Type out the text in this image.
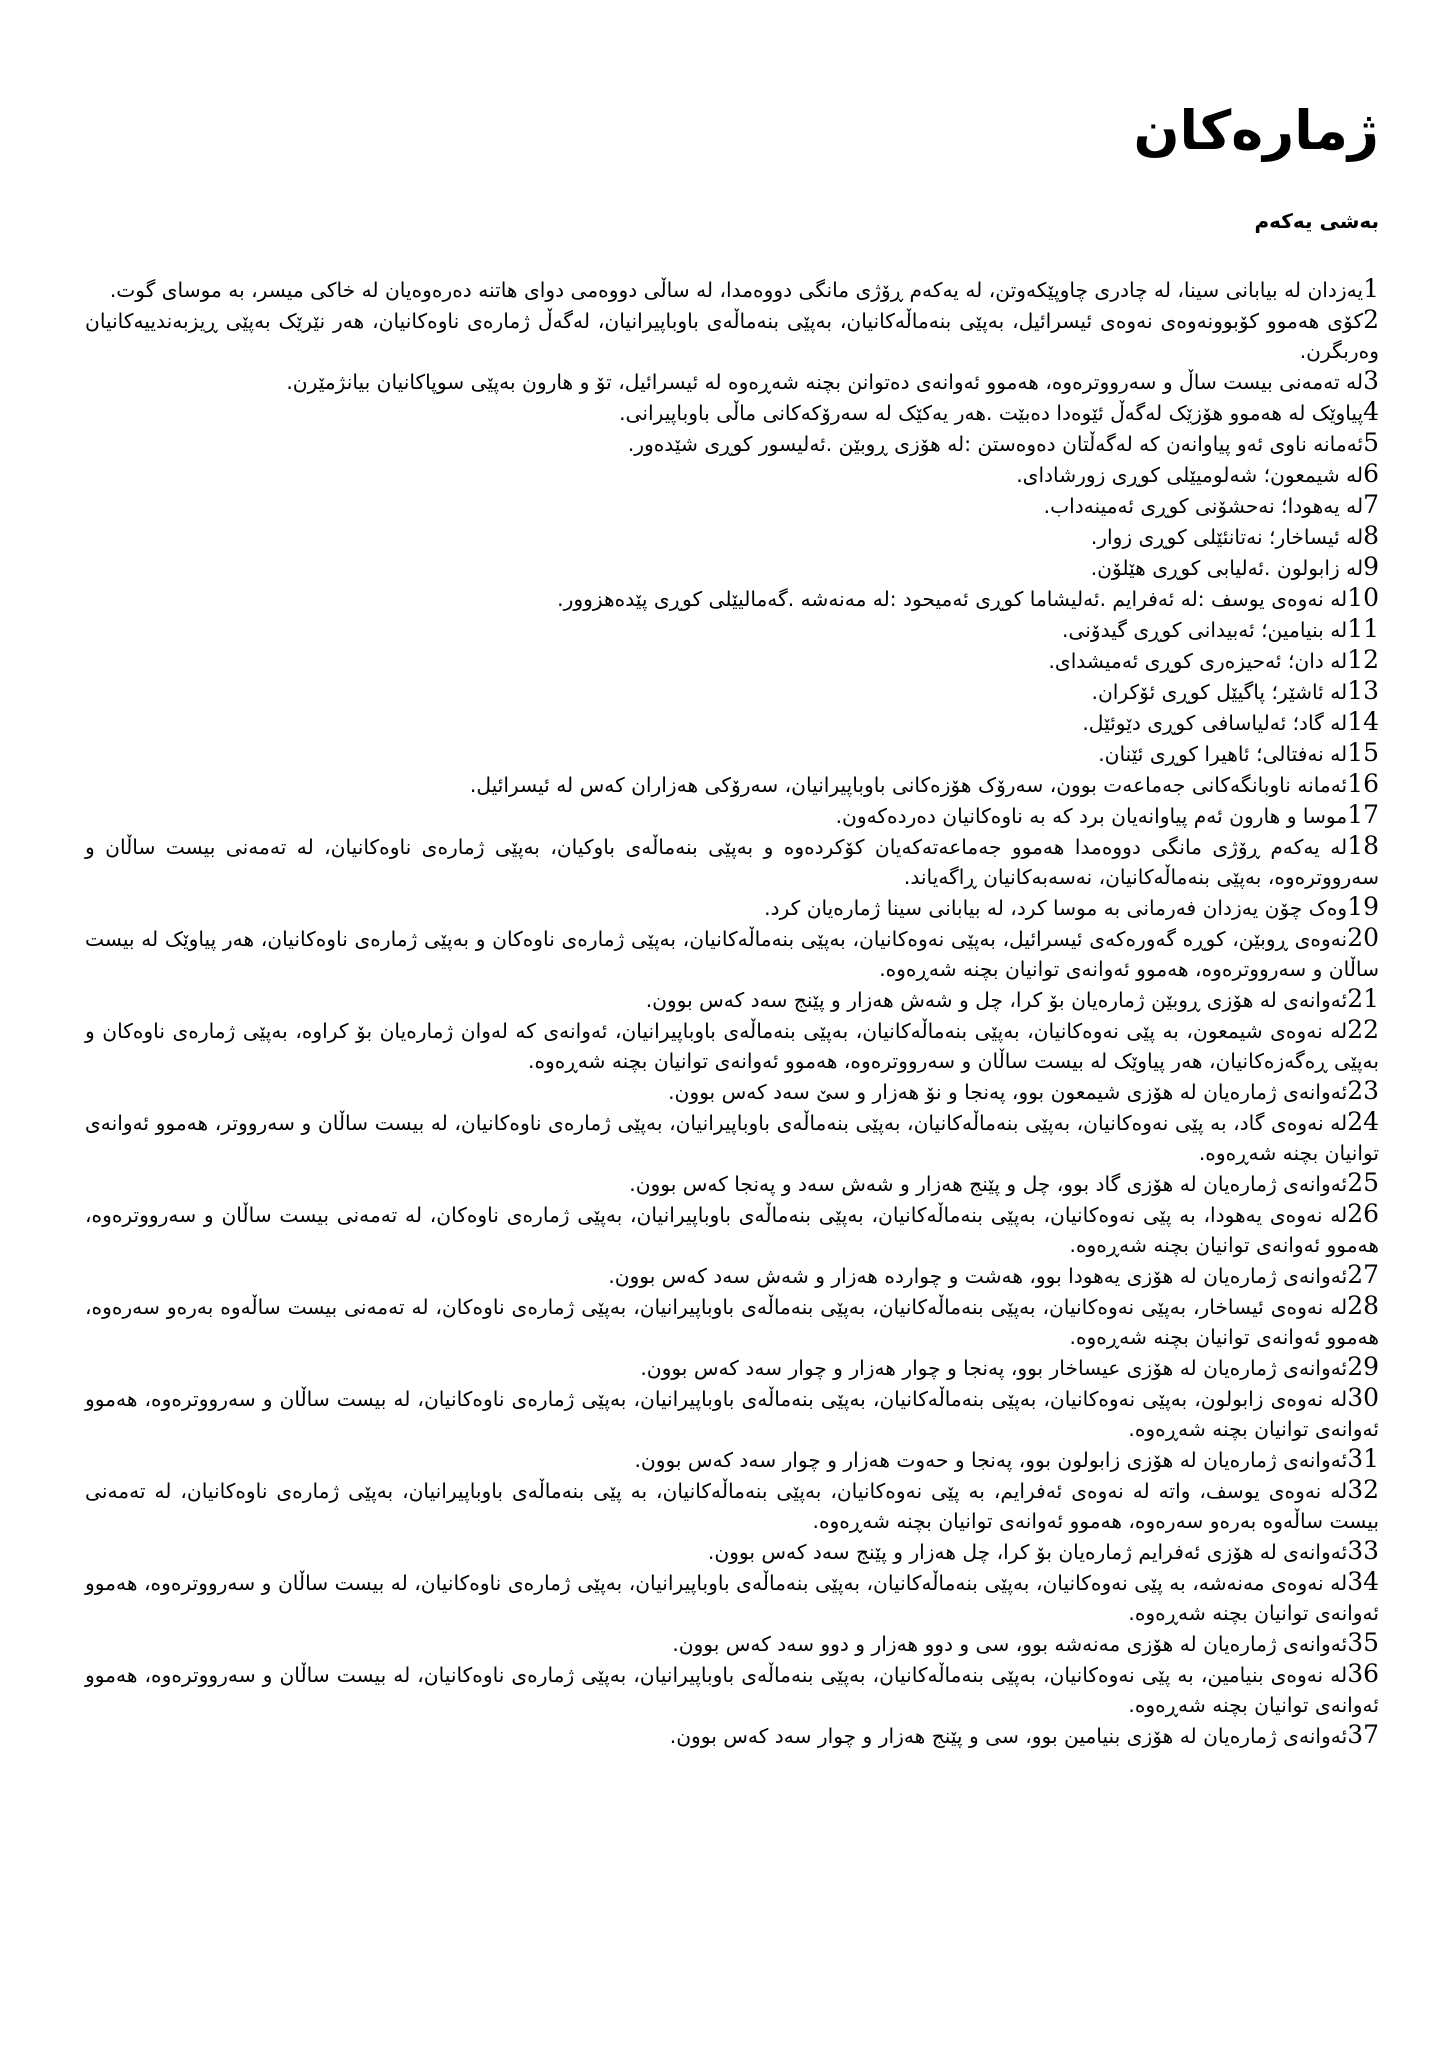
ژمارەکان
بەشی یەکەم

1یەزدان لە بیابانی سینا، لە چادری چاوپێکەوتن، لە یەکەم ڕۆژی مانگی دووەمدا، لە ساڵی دووەمی دوای هاتنە دەرەوەیان لە خاکی میسر، بە موسای گوت.

2کۆی هەموو کۆبوونەوەی نەوەی ئیسرائیل، بەپێی بنەماڵەکانیان، بەپێی بنەماڵەی باوباپیرانیان، لەگەڵ ژمارەی ناوەکانیان، هەر نێرێک بەپێی ڕیزبەندییەکانیان وەربگرن.

3لە تەمەنی بیست ساڵ و سەرووترەوە، هەموو ئەوانەی دەتوانن بچنە شەڕەوە لە ئیسرائیل، تۆ و هارون بەپێی سوپاکانیان بیانژمێرن.

4پیاوێک لە هەموو هۆزێک لەگەڵ ئێوەدا دەبێت .هەر یەکێک لە سەرۆکەکانی ماڵی باوباپیرانی.

5ئەمانە ناوی ئەو پیاوانەن کە لەگەڵتان دەوەستن :لە هۆزی ڕوبێن .ئەلیسور کوڕی شێدەور.

6لە شیمعون؛ شەلومیێلی کوڕی زورشادای.

7لە یەهودا؛ نەحشۆنی کوڕی ئەمینەداب.

8لە ئیساخار؛ نەتانئێلی کوڕی زوار.

9لە زابولون .ئەلیابی کوڕی هێلۆن.

10لە نەوەی یوسف :لە ئەفرایم .ئەلیشاما کوڕی ئەمیحود :لە مەنەشە .گەمالیێلی کوڕی پێدەهزوور.

11لە بنیامین؛ ئەبیدانی کوڕی گیدۆنی.

12لە دان؛ ئەحیزەری کوڕی ئەمیشدای.

13لە ئاشێر؛ پاگیێل کوڕی ئۆکران.

14لە گاد؛ ئەلیاسافی کوڕی دێوئێل.

15لە نەفتالی؛ ئاهیرا کوڕی ئێنان.

16ئەمانە ناوبانگەکانی جەماعەت بوون، سەرۆک هۆزەکانی باوباپیرانیان، سەرۆکی هەزاران کەس لە ئیسرائیل.

17موسا و هارون ئەم پیاوانەیان برد کە بە ناوەکانیان دەرده‌کەون.

18لە یەکەم ڕۆژی مانگی دووەمدا هەموو جەماعەتەکەیان کۆکردەوە و بەپێی بنەماڵەی باوکیان، بەپێی ژمارەی ناوەکانیان، لە تەمەنی بیست ساڵان و سەرووترەوە، بەپێی بنەماڵەکانیان، نەسەبەکانیان ڕاگەیاند.

19وەک چۆن یەزدان فەرمانی بە موسا کرد، لە بیابانی سینا ژمارەیان کرد.

20نەوەی ڕوبێن، کوڕە گەورەکەی ئیسرائیل، بەپێی نەوەکانیان، بەپێی بنەماڵەکانیان، بەپێی ژمارەی ناوەکان و بەپێی ژمارەی ناوەکانیان، هەر پیاوێک لە بیست ساڵان و سەرووترەوە، هەموو ئەوانەی توانیان بچنە شەڕەوە.

21ئەوانەی لە هۆزی ڕوبێن ژمارەیان بۆ کرا، چل و شەش هەزار و پێنج سەد کەس بوون.

22لە نەوەی شیمعون، بە پێی نەوەکانیان، بەپێی بنەماڵەکانیان، بەپێی بنەماڵەی باوباپیرانیان، ئەوانەی کە لەوان ژمارەیان بۆ کراوە، بەپێی ژمارەی ناوەکان و بەپێی ڕەگەزەکانیان، هەر پیاوێک لە بیست ساڵان و سەرووترەوە، هەموو ئەوانەی توانیان بچنە شەڕەوە.

23ئەوانەی ژمارەیان لە هۆزی شیمعون بوو، پەنجا و نۆ هەزار و سێ سەد کەس بوون.

24لە نەوەی گاد، بە پێی نەوەکانیان، بەپێی بنەماڵەکانیان، بەپێی بنەماڵەی باوباپیرانیان، بەپێی ژمارەی ناوەکانیان، لە بیست ساڵان و سەرووتر، هەموو ئەوانەی توانیان بچنە شەڕەوە.

25ئەوانەی ژمارەیان لە هۆزی گاد بوو، چل و پێنج هەزار و شەش سەد و پەنجا کەس بوون.

26لە نەوەی یەهودا، بە پێی نەوەکانیان، بەپێی بنەماڵەکانیان، بەپێی بنەماڵەی باوباپیرانیان، بەپێی ژمارەی ناوەکان، لە تەمەنی بیست ساڵان و سەرووترەوە، هەموو ئەوانەی توانیان بچنە شەڕەوە.

27ئەوانەی ژمارەیان لە هۆزی یەهودا بوو، هەشت و چوارده هەزار و شەش سەد کەس بوون.

28لە نەوەی ئیساخار، بەپێی نەوەکانیان، بەپێی بنەماڵەکانیان، بەپێی بنەماڵەی باوباپیرانیان، بەپێی ژمارەی ناوەکان، لە تەمەنی بیست ساڵەوە بەرەو سەرەوە، هەموو ئەوانەی توانیان بچنە شەڕەوە.

29ئەوانەی ژمارەیان لە هۆزی عیساخار بوو، پەنجا و چوار هەزار و چوار سەد کەس بوون.

30لە نەوەی زابولون، بەپێی نەوەکانیان، بەپێی بنەماڵەکانیان، بەپێی بنەماڵەی باوباپیرانیان، بەپێی ژمارەی ناوەکانیان، لە بیست ساڵان و سەرووترەوە، هەموو ئەوانەی توانیان بچنە شەڕەوە.

31ئەوانەی ژمارەیان لە هۆزی زابولون بوو، پەنجا و حەوت هەزار و چوار سەد کەس بوون.

32لە نەوەی یوسف، واتە لە نەوەی ئەفرایم، بە پێی نەوەکانیان، بەپێی بنەماڵەکانیان، بە پێی بنەماڵەی باوباپیرانیان، بەپێی ژمارەی ناوەکانیان، لە تەمەنی بیست ساڵەوە بەرەو سەرەوە، هەموو ئەوانەی توانیان بچنە شەڕەوە.

33ئەوانەی لە هۆزی ئەفرایم ژمارەیان بۆ کرا، چل هەزار و پێنج سەد کەس بوون.

34لە نەوەی مەنەشە، بە پێی نەوەکانیان، بەپێی بنەماڵەکانیان، بەپێی بنەماڵەی باوباپیرانیان، بەپێی ژمارەی ناوەکانیان، لە بیست ساڵان و سەرووترەوە، هەموو ئەوانەی توانیان بچنە شەڕەوە.

35ئەوانەی ژمارەیان لە هۆزی مەنەشە بوو، سی و دوو هەزار و دوو سەد کەس بوون.

36لە نەوەی بنیامین، بە پێی نەوەکانیان، بەپێی بنەماڵەکانیان، بەپێی بنەماڵەی باوباپیرانیان، بەپێی ژمارەی ناوەکانیان، لە بیست ساڵان و سەرووترەوە، هەموو ئەوانەی توانیان بچنە شەڕەوە.

37ئەوانەی ژمارەیان لە هۆزی بنیامین بوو، سی و پێنج هەزار و چوار سەد کەس بوون.
